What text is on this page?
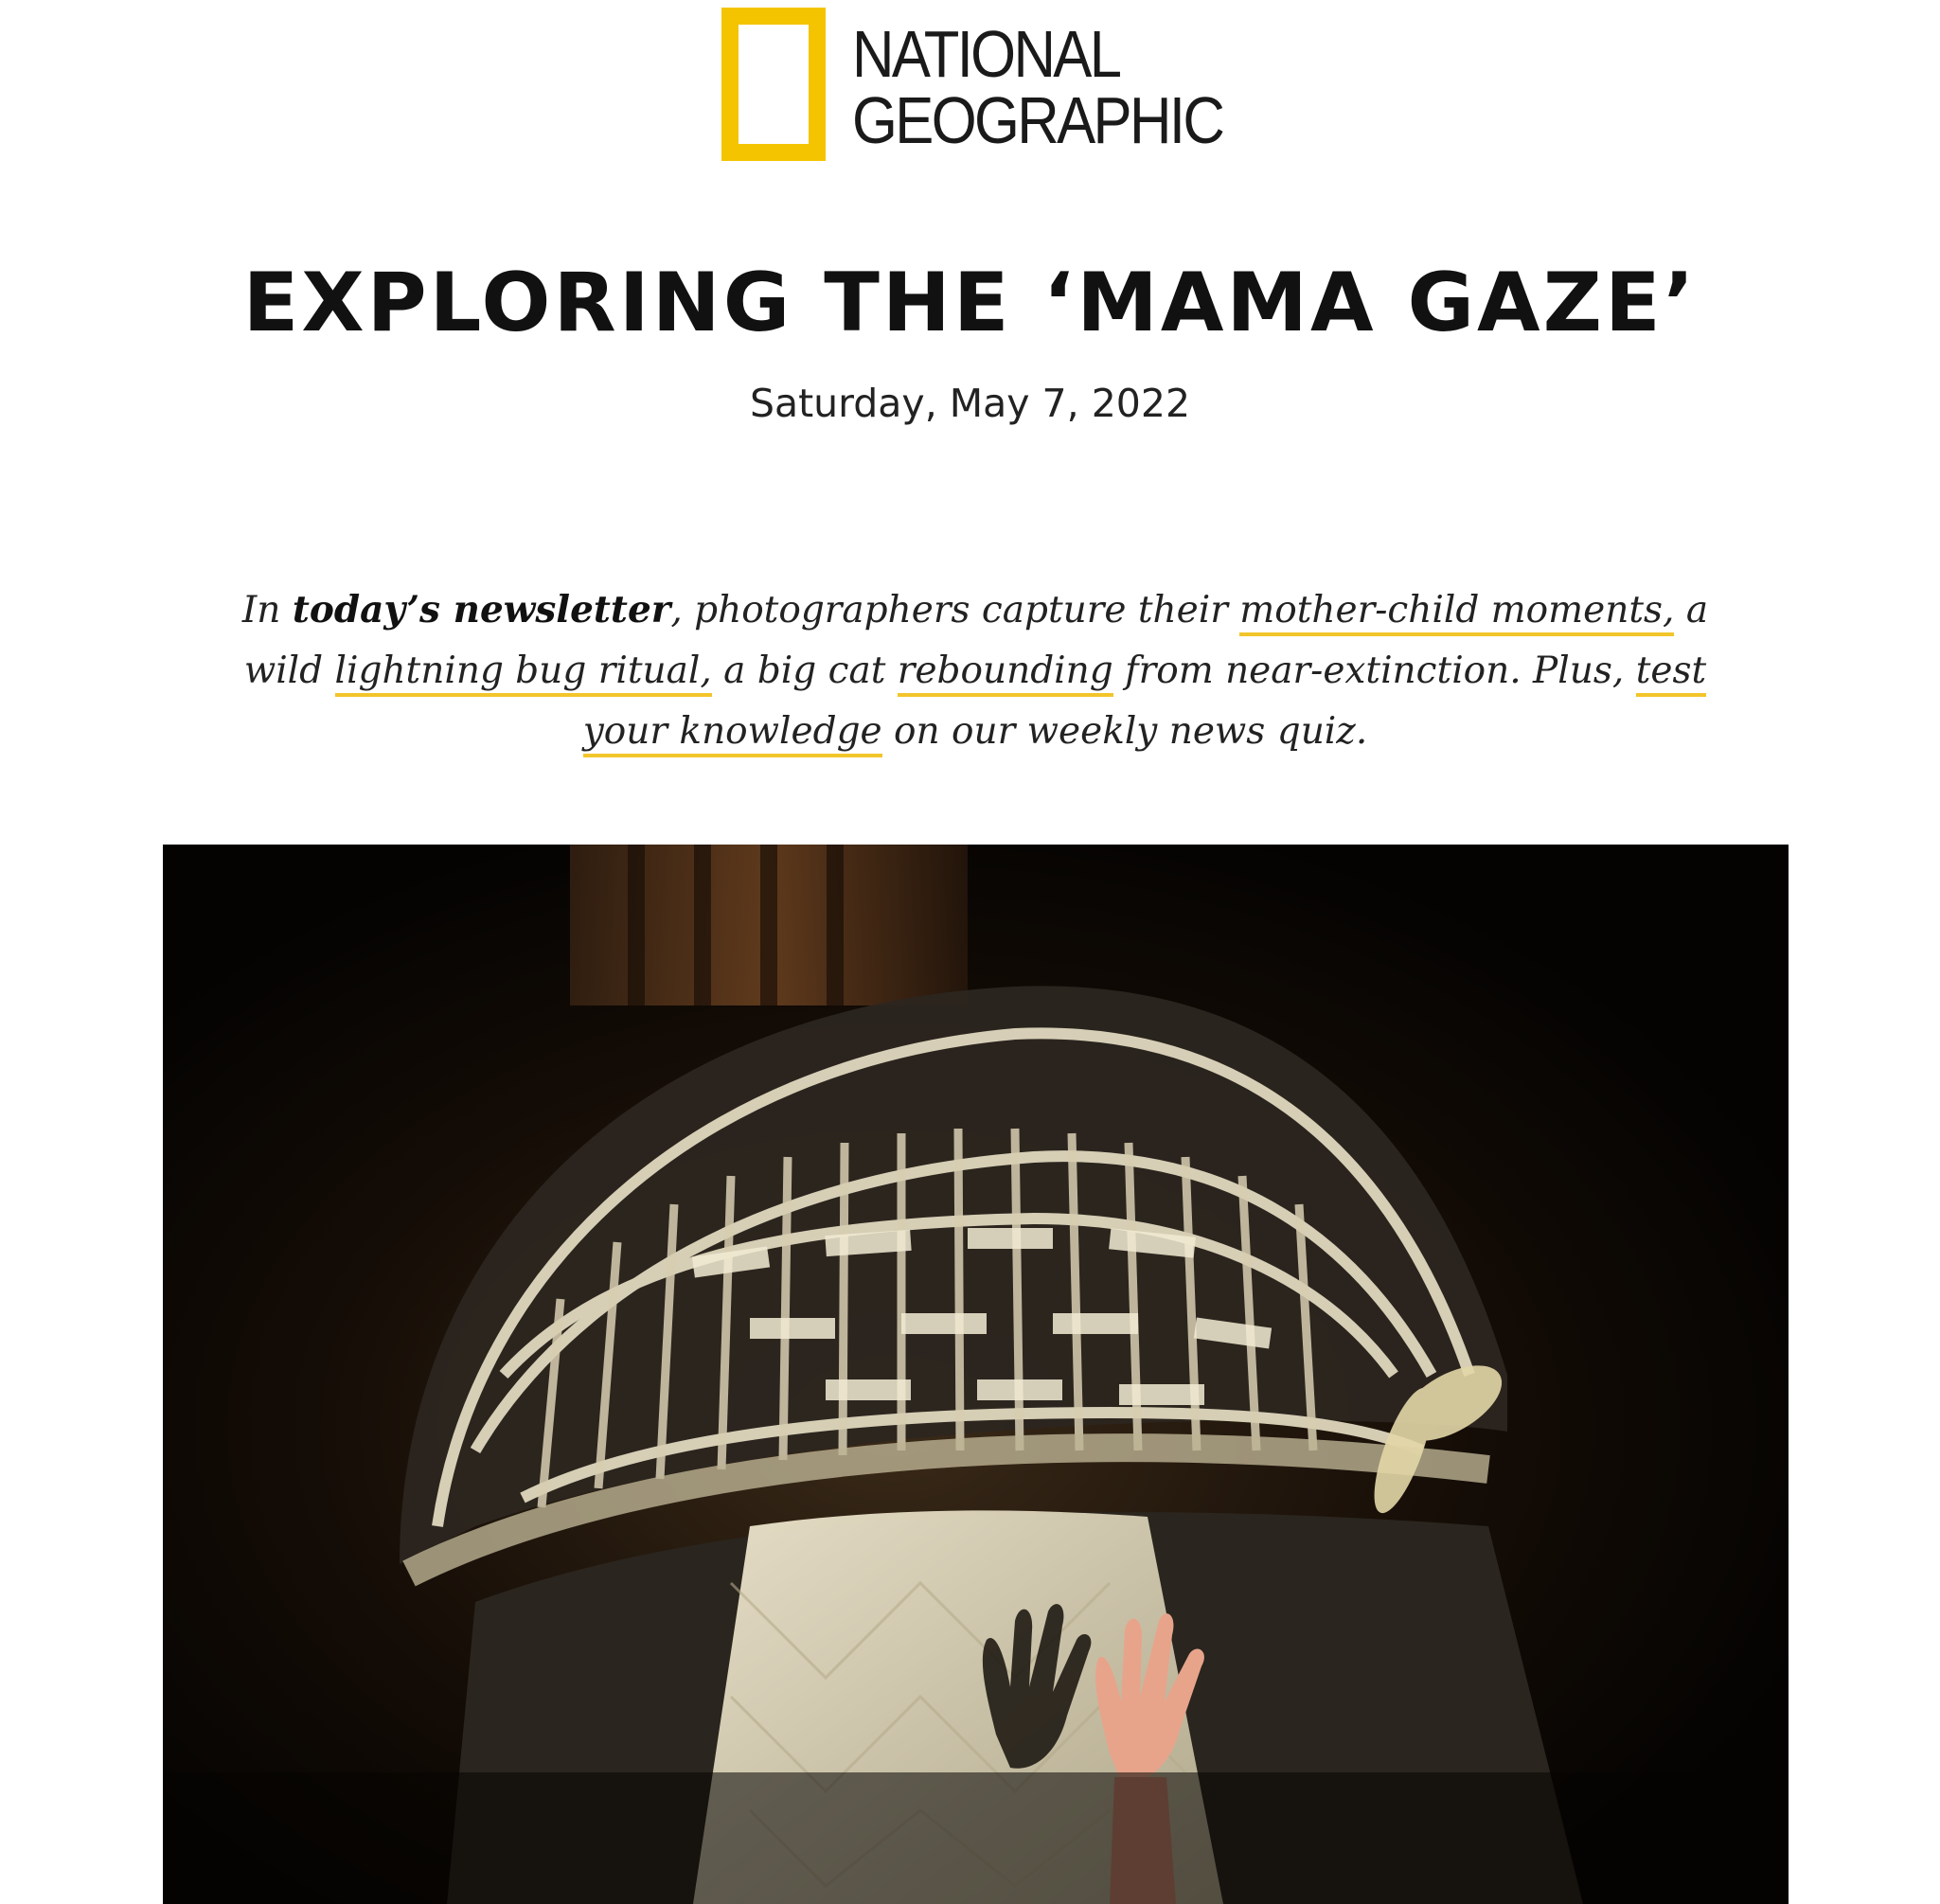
NATIONAL
GEOGRAPHIC
EXPLORING THE ‘MAMA GAZE’
Saturday, May 7, 2022

In today’s newsletter, photographers capture their mother-child moments, a wild lightning bug ritual, a big cat rebounding from near-extinction. Plus, test your knowledge on our weekly news quiz.
